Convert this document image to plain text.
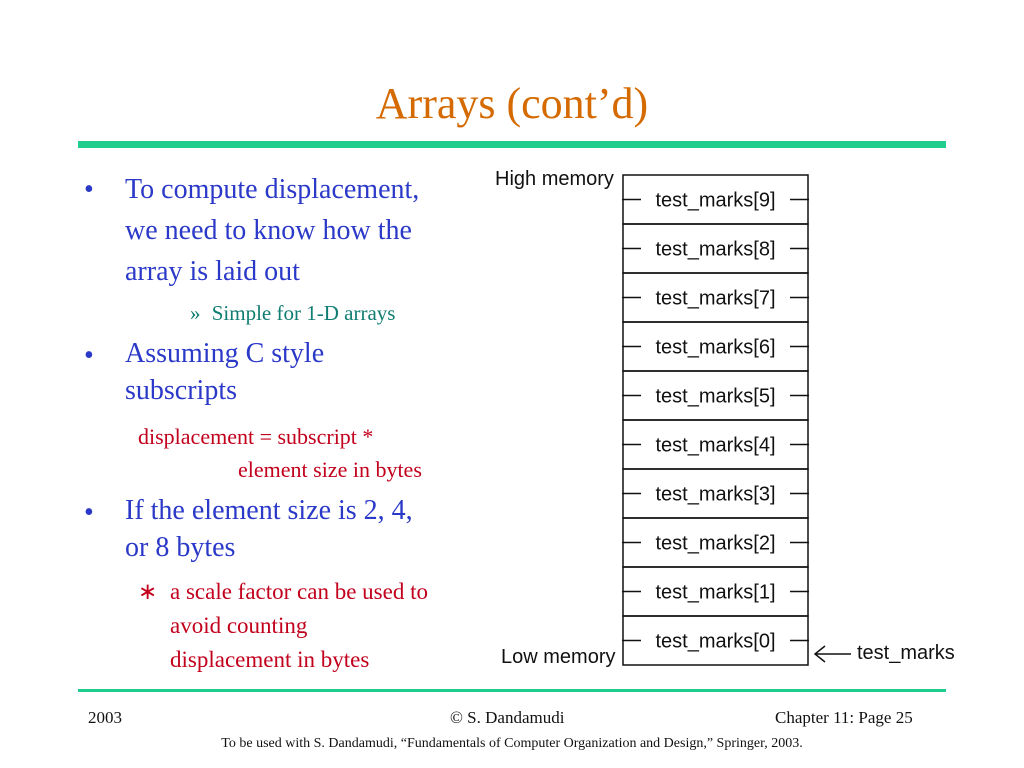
Arrays (cont’d)
•	To compute displacement,
we need to know how the
array is laid out
» Simple for 1-D arrays
•	Assuming C style
subscripts
displacement = subscript *
element size in bytes
•	If the element size is 2, 4,
or 8 bytes
∗ a scale factor can be used to
avoid counting
displacement in bytes
High memory
Low memory
test_marks[9]
test_marks[8]
test_marks[7]
test_marks[6]
test_marks[5]
test_marks[4]
test_marks[3]
test_marks[2]
test_marks[1]
test_marks[0]
test_marks
2003	© S. Dandamudi	Chapter 11: Page 25
To be used with S. Dandamudi, “Fundamentals of Computer Organization and Design,” Springer, 2003.
